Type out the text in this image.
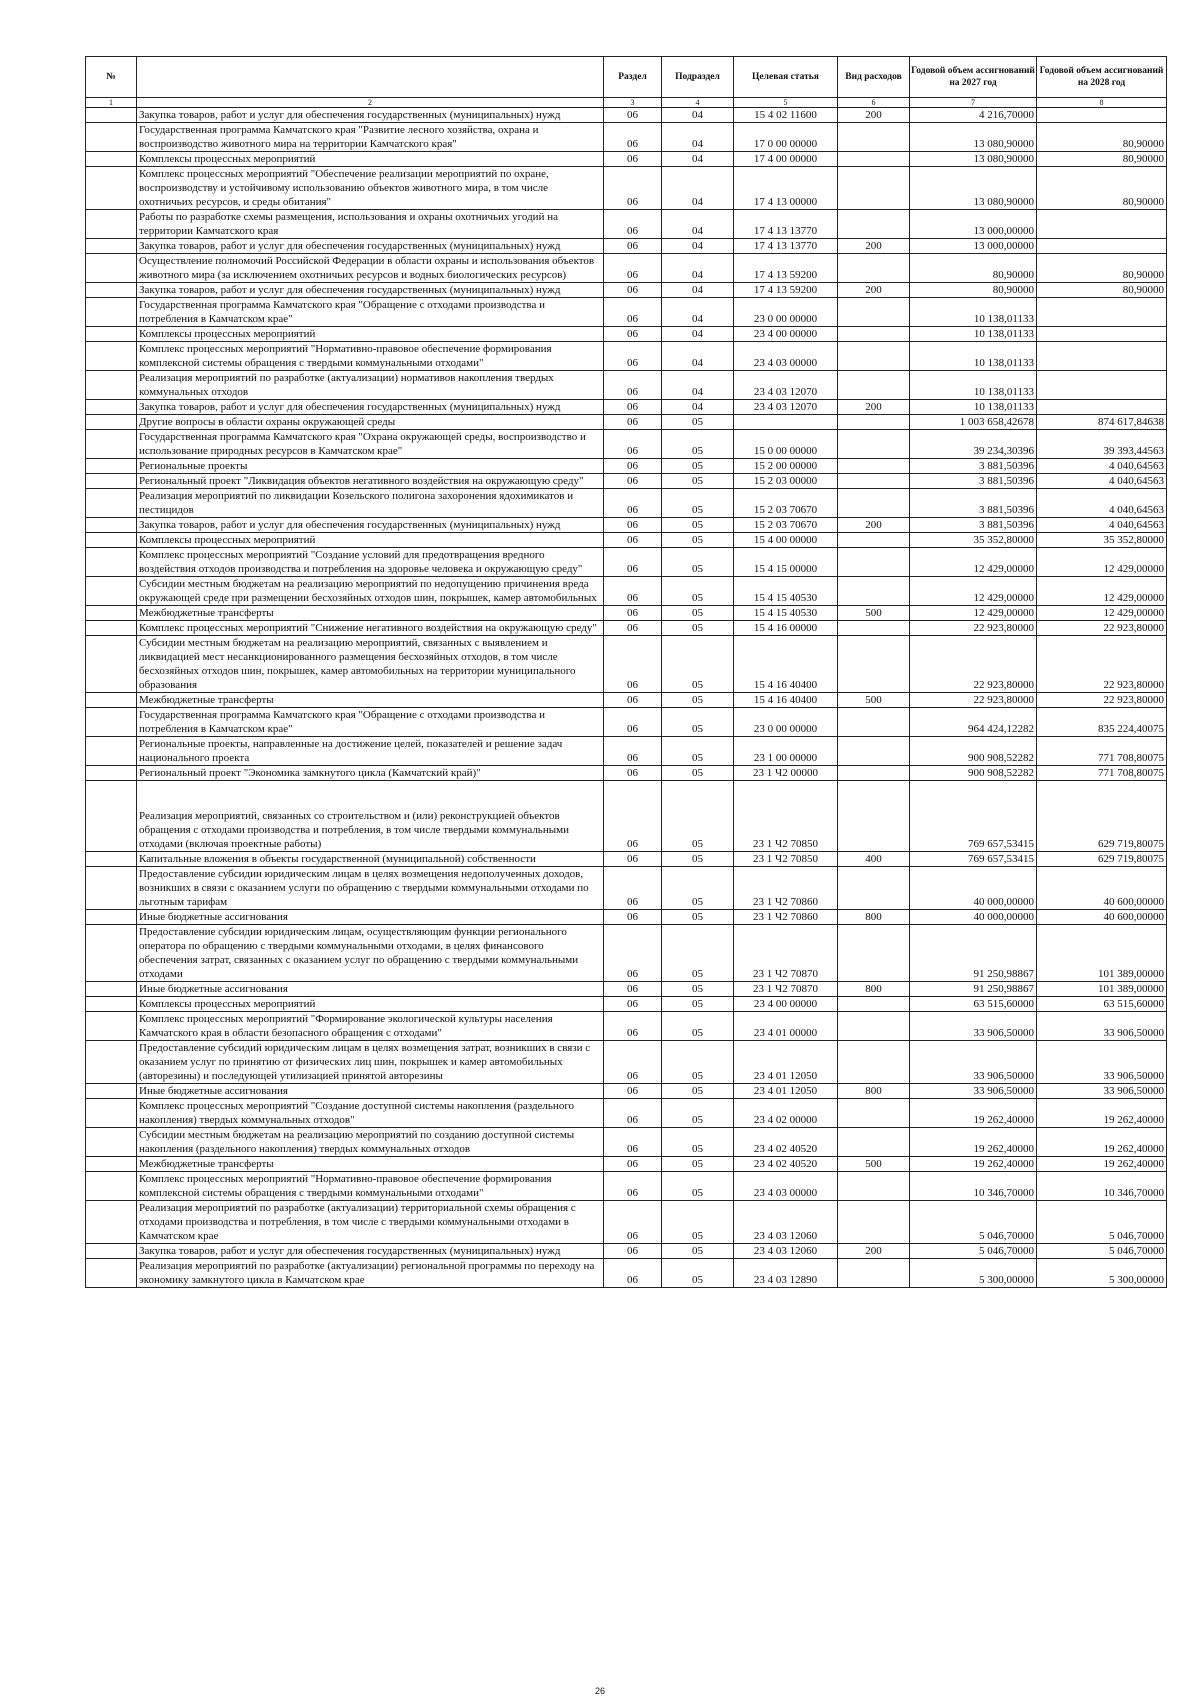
№		Раздел	Подраздел	Целевая статья	Вид расходов	Годовой объем ассигнований на 2027 год	Годовой объем ассигнований на 2028 год
1	2	3	4	5	6	7	8
	Закупка товаров, работ и услуг для обеспечения государственных (муниципальных) нужд	06	04	15 4 02 11600	200	4 216,70000	
	Государственная программа Камчатского края "Развитие лесного хозяйства, охрана и воспроизводство животного мира на территории Камчатского края"	06	04	17 0 00 00000		13 080,90000	80,90000
	Комплексы процессных мероприятий	06	04	17 4 00 00000		13 080,90000	80,90000
	Комплекс процессных мероприятий "Обеспечение реализации мероприятий по охране, воспроизводству и устойчивому использованию объектов животного мира, в том числе охотничьих ресурсов, и среды обитания"	06	04	17 4 13 00000		13 080,90000	80,90000
	Работы по разработке схемы размещения, использования и охраны охотничьих угодий на территории Камчатского края	06	04	17 4 13 13770		13 000,00000	
	Закупка товаров, работ и услуг для обеспечения государственных (муниципальных) нужд	06	04	17 4 13 13770	200	13 000,00000	
	Осуществление полномочий Российской Федерации в области охраны и использования объектов животного мира (за исключением охотничьих ресурсов и водных биологических ресурсов)	06	04	17 4 13 59200		80,90000	80,90000
	Закупка товаров, работ и услуг для обеспечения государственных (муниципальных) нужд	06	04	17 4 13 59200	200	80,90000	80,90000
	Государственная программа Камчатского края "Обращение с отходами производства и потребления в Камчатском крае"	06	04	23 0 00 00000		10 138,01133	
	Комплексы процессных мероприятий	06	04	23 4 00 00000		10 138,01133	
	Комплекс процессных мероприятий "Нормативно-правовое обеспечение формирования комплексной системы обращения с твердыми коммунальными отходами"	06	04	23 4 03 00000		10 138,01133	
	Реализация мероприятий по разработке (актуализации) нормативов накопления твердых коммунальных отходов	06	04	23 4 03 12070		10 138,01133	
	Закупка товаров, работ и услуг для обеспечения государственных (муниципальных) нужд	06	04	23 4 03 12070	200	10 138,01133	
	Другие вопросы в области охраны окружающей среды	06	05			1 003 658,42678	874 617,84638
	Государственная программа Камчатского края "Охрана окружающей среды, воспроизводство и использование природных ресурсов в Камчатском крае"	06	05	15 0 00 00000		39 234,30396	39 393,44563
	Региональные проекты	06	05	15 2 00 00000		3 881,50396	4 040,64563
	Региональный проект "Ликвидация объектов негативного воздействия на окружающую среду"	06	05	15 2 03 00000		3 881,50396	4 040,64563
	Реализация мероприятий по ликвидации Козельского полигона захоронения ядохимикатов и пестицидов	06	05	15 2 03 70670		3 881,50396	4 040,64563
	Закупка товаров, работ и услуг для обеспечения государственных (муниципальных) нужд	06	05	15 2 03 70670	200	3 881,50396	4 040,64563
	Комплексы процессных мероприятий	06	05	15 4 00 00000		35 352,80000	35 352,80000
	Комплекс процессных мероприятий "Создание условий для предотвращения вредного воздействия отходов производства и потребления на здоровье человека и окружающую среду"	06	05	15 4 15 00000		12 429,00000	12 429,00000
	Субсидии местным бюджетам на реализацию мероприятий по недопущению причинения вреда окружающей среде при размещении бесхозяйных отходов шин, покрышек, камер автомобильных	06	05	15 4 15 40530		12 429,00000	12 429,00000
	Межбюджетные трансферты	06	05	15 4 15 40530	500	12 429,00000	12 429,00000
	Комплекс процессных мероприятий "Снижение негативного воздействия на окружающую среду"	06	05	15 4 16 00000		22 923,80000	22 923,80000
	Субсидии местным бюджетам на реализацию мероприятий, связанных с выявлением и ликвидацией мест несанкционированного размещения бесхозяйных отходов, в том числе бесхозяйных отходов шин, покрышек, камер автомобильных на территории муниципального образования	06	05	15 4 16 40400		22 923,80000	22 923,80000
	Межбюджетные трансферты	06	05	15 4 16 40400	500	22 923,80000	22 923,80000
	Государственная программа Камчатского края "Обращение с отходами производства и потребления в Камчатском крае"	06	05	23 0 00 00000		964 424,12282	835 224,40075
	Региональные проекты, направленные на достижение целей, показателей и решение задач национального проекта	06	05	23 1 00 00000		900 908,52282	771 708,80075
	Региональный проект "Экономика замкнутого цикла (Камчатский край)"	06	05	23 1 Ч2 00000		900 908,52282	771 708,80075
	Реализация мероприятий, связанных со строительством и (или) реконструкцией объектов обращения с отходами производства и потребления, в том числе твердыми коммунальными отходами (включая проектные работы)	06	05	23 1 Ч2 70850		769 657,53415	629 719,80075
	Капитальные вложения в объекты государственной (муниципальной) собственности	06	05	23 1 Ч2 70850	400	769 657,53415	629 719,80075
	Предоставление субсидии юридическим лицам в целях возмещения недополученных доходов, возникших в связи с оказанием услуги по обращению с твердыми коммунальными отходами по льготным тарифам	06	05	23 1 Ч2 70860		40 000,00000	40 600,00000
	Иные бюджетные ассигнования	06	05	23 1 Ч2 70860	800	40 000,00000	40 600,00000
	Предоставление субсидии юридическим лицам, осуществляющим функции регионального оператора по обращению с твердыми коммунальными отходами, в целях финансового обеспечения затрат, связанных с оказанием услуг по обращению с твердыми коммунальными отходами	06	05	23 1 Ч2 70870		91 250,98867	101 389,00000
	Иные бюджетные ассигнования	06	05	23 1 Ч2 70870	800	91 250,98867	101 389,00000
	Комплексы процессных мероприятий	06	05	23 4 00 00000		63 515,60000	63 515,60000
	Комплекс процессных мероприятий "Формирование экологической культуры населения Камчатского края в области безопасного обращения с отходами"	06	05	23 4 01 00000		33 906,50000	33 906,50000
	Предоставление субсидий юридическим лицам в целях возмещения затрат, возникших в связи с оказанием услуг по принятию от физических лиц шин, покрышек и камер автомобильных (авторезины) и последующей утилизацией принятой авторезины	06	05	23 4 01 12050		33 906,50000	33 906,50000
	Иные бюджетные ассигнования	06	05	23 4 01 12050	800	33 906,50000	33 906,50000
	Комплекс процессных мероприятий "Создание доступной системы накопления (раздельного накопления) твердых коммунальных отходов"	06	05	23 4 02 00000		19 262,40000	19 262,40000
	Субсидии местным бюджетам на реализацию мероприятий по созданию доступной системы накопления (раздельного накопления) твердых коммунальных отходов	06	05	23 4 02 40520		19 262,40000	19 262,40000
	Межбюджетные трансферты	06	05	23 4 02 40520	500	19 262,40000	19 262,40000
	Комплекс процессных мероприятий "Нормативно-правовое обеспечение формирования комплексной системы обращения с твердыми коммунальными отходами"	06	05	23 4 03 00000		10 346,70000	10 346,70000
	Реализация мероприятий по разработке (актуализации) территориальной схемы обращения с отходами производства и потребления, в том числе с твердыми коммунальными отходами в Камчатском крае	06	05	23 4 03 12060		5 046,70000	5 046,70000
	Закупка товаров, работ и услуг для обеспечения государственных (муниципальных) нужд	06	05	23 4 03 12060	200	5 046,70000	5 046,70000
	Реализация мероприятий по разработке (актуализации) региональной программы по переходу на экономику замкнутого цикла в Камчатском крае	06	05	23 4 03 12890		5 300,00000	5 300,00000
26
